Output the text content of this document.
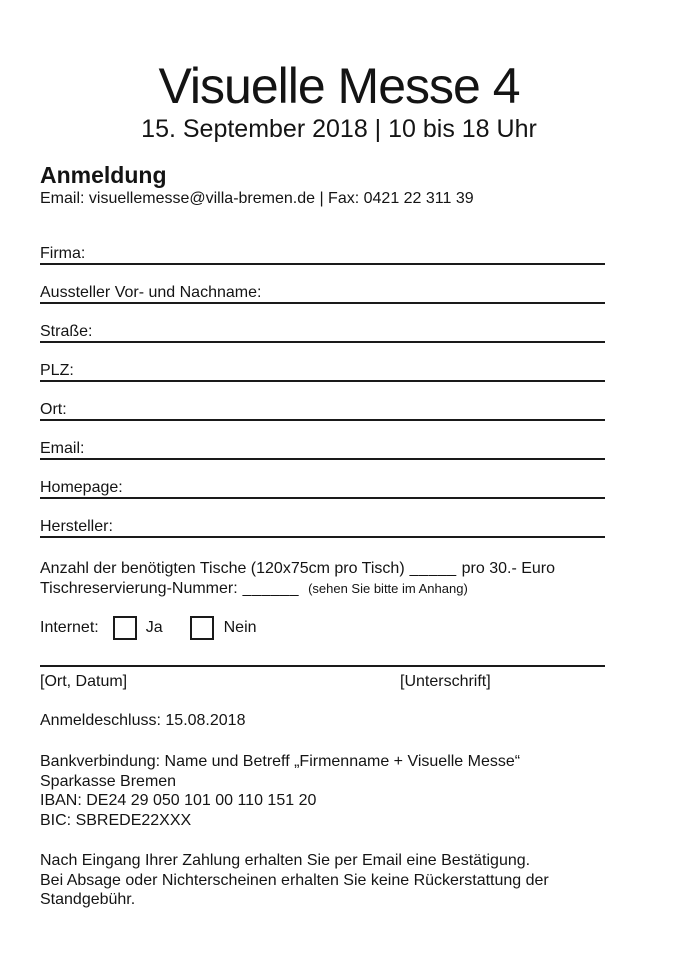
Visuelle Messe 4
15. September 2018 | 10 bis 18 Uhr
Anmeldung
Email: visuellemesse@villa-bremen.de | Fax: 0421 22 311 39
Firma:
Aussteller Vor- und Nachname:
Straße:
PLZ:
Ort:
Email:
Homepage:
Hersteller:
Anzahl der benötigten Tische (120x75cm pro Tisch) _____ pro 30.- Euro
Tischreservierung-Nummer: ______ (sehen Sie bitte im Anhang)
Internet:	Ja	Nein
[Ort, Datum]	[Unterschrift]
Anmeldeschluss: 15.08.2018
Bankverbindung: Name und Betreff „Firmenname + Visuelle Messe“
Sparkasse Bremen
IBAN: DE24 29 050 101 00 110 151 20
BIC: SBREDE22XXX
Nach Eingang Ihrer Zahlung erhalten Sie per Email eine Bestätigung.
Bei Absage oder Nichterscheinen erhalten Sie keine Rückerstattung der
Standgebühr.
